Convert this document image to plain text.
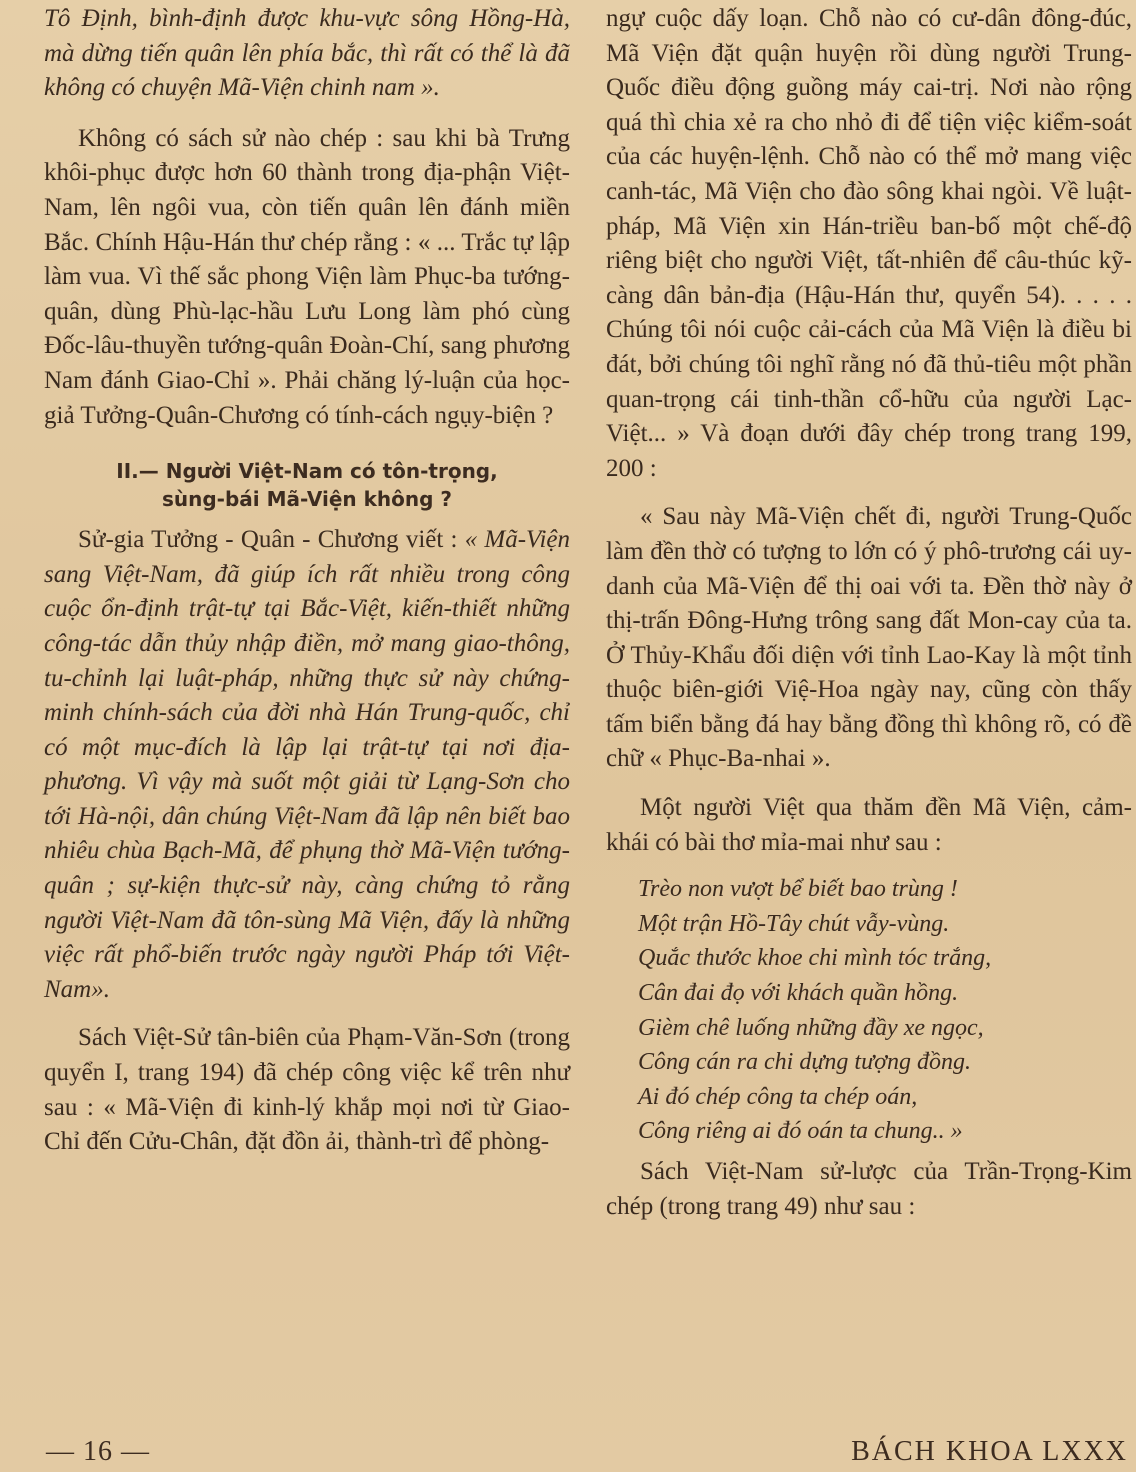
Tô Định, bình-định được khu-vực sông Hồng-Hà, mà dừng tiến quân lên phía bắc, thì rất có thể là đã không có chuyện Mã-Viện chinh nam ».

Không có sách sử nào chép : sau khi bà Trưng khôi-phục được hơn 60 thành trong địa-phận Việt-Nam, lên ngôi vua, còn tiến quân lên đánh miền Bắc. Chính Hậu-Hán thư chép rằng : « ... Trắc tự lập làm vua. Vì thế sắc phong Viện làm Phục-ba tướng-quân, dùng Phù-lạc-hầu Lưu Long làm phó cùng Đốc-lâu-thuyền tướng-quân Đoàn-Chí, sang phương Nam đánh Giao-Chỉ ». Phải chăng lý-luận của học-giả Tưởng-Quân-Chương có tính-cách ngụy-biện ?

II.— Người Việt-Nam có tôn-trọng,

sùng-bái Mã-Viện không ?

Sử-gia Tưởng - Quân - Chương viết : « Mã-Viện sang Việt-Nam, đã giúp ích rất nhiều trong công cuộc ổn-định trật-tự tại Bắc-Việt, kiến-thiết những công-tác dẫn thủy nhập điền, mở mang giao-thông, tu-chỉnh lại luật-pháp, những thực sử này chứng-minh chính-sách của đời nhà Hán Trung-quốc, chỉ có một mục-đích là lập lại trật-tự tại nơi địa-phương. Vì vậy mà suốt một giải từ Lạng-Sơn cho tới Hà-nội, dân chúng Việt-Nam đã lập nên biết bao nhiêu chùa Bạch-Mã, để phụng thờ Mã-Viện tướng-quân ; sự-kiện thực-sử này, càng chứng tỏ rằng người Việt-Nam đã tôn-sùng Mã Viện, đấy là những việc rất phổ-biến trước ngày người Pháp tới Việt-Nam».

Sách Việt-Sử tân-biên của Phạm-Văn-Sơn (trong quyển I, trang 194) đã chép công việc kể trên như sau : « Mã-Viện đi kinh-lý khắp mọi nơi từ Giao-Chỉ đến Cửu-Chân, đặt đồn ải, thành-trì để phòng-

ngự cuộc dấy loạn. Chỗ nào có cư-dân đông-đúc, Mã Viện đặt quận huyện rồi dùng người Trung-Quốc điều động guồng máy cai-trị. Nơi nào rộng quá thì chia xẻ ra cho nhỏ đi để tiện việc kiểm-soát của các huyện-lệnh. Chỗ nào có thể mở mang việc canh-tác, Mã Viện cho đào sông khai ngòi. Về luật-pháp, Mã Viện xin Hán-triều ban-bố một chế-độ riêng biệt cho người Việt, tất-nhiên để câu-thúc kỹ-càng dân bản-địa (Hậu-Hán thư, quyển 54). . . . . Chúng tôi nói cuộc cải-cách của Mã Viện là điều bi đát, bởi chúng tôi nghĩ rằng nó đã thủ-tiêu một phần quan-trọng cái tinh-thần cổ-hữu của người Lạc-Việt... » Và đoạn dưới đây chép trong trang 199, 200 :

« Sau này Mã-Viện chết đi, người Trung-Quốc làm đền thờ có tượng to lớn có ý phô-trương cái uy-danh của Mã-Viện để thị oai với ta. Đền thờ này ở thị-trấn Đông-Hưng trông sang đất Mon-cay của ta. Ở Thủy-Khẩu đối diện với tỉnh Lao-Kay là một tỉnh thuộc biên-giới Việ-Hoa ngày nay, cũng còn thấy tấm biển bằng đá hay bằng đồng thì không rõ, có đề chữ « Phục-Ba-nhai ».

Một người Việt qua thăm đền Mã Viện, cảm-khái có bài thơ mỉa-mai như sau :

Trèo non vượt bể biết bao trùng !

Một trận Hồ-Tây chút vẫy-vùng.

Quắc thước khoe chi mình tóc trắng,

Cân đai đọ với khách quần hồng.

Gièm chê luống những đầy xe ngọc,

Công cán ra chi dựng tượng đồng.

Ai đó chép công ta chép oán,

Công riêng ai đó oán ta chung.. »

Sách Việt-Nam sử-lược của Trần-Trọng-Kim chép (trong trang 49) như sau :

— 16 —	BÁCH KHOA LXXX
